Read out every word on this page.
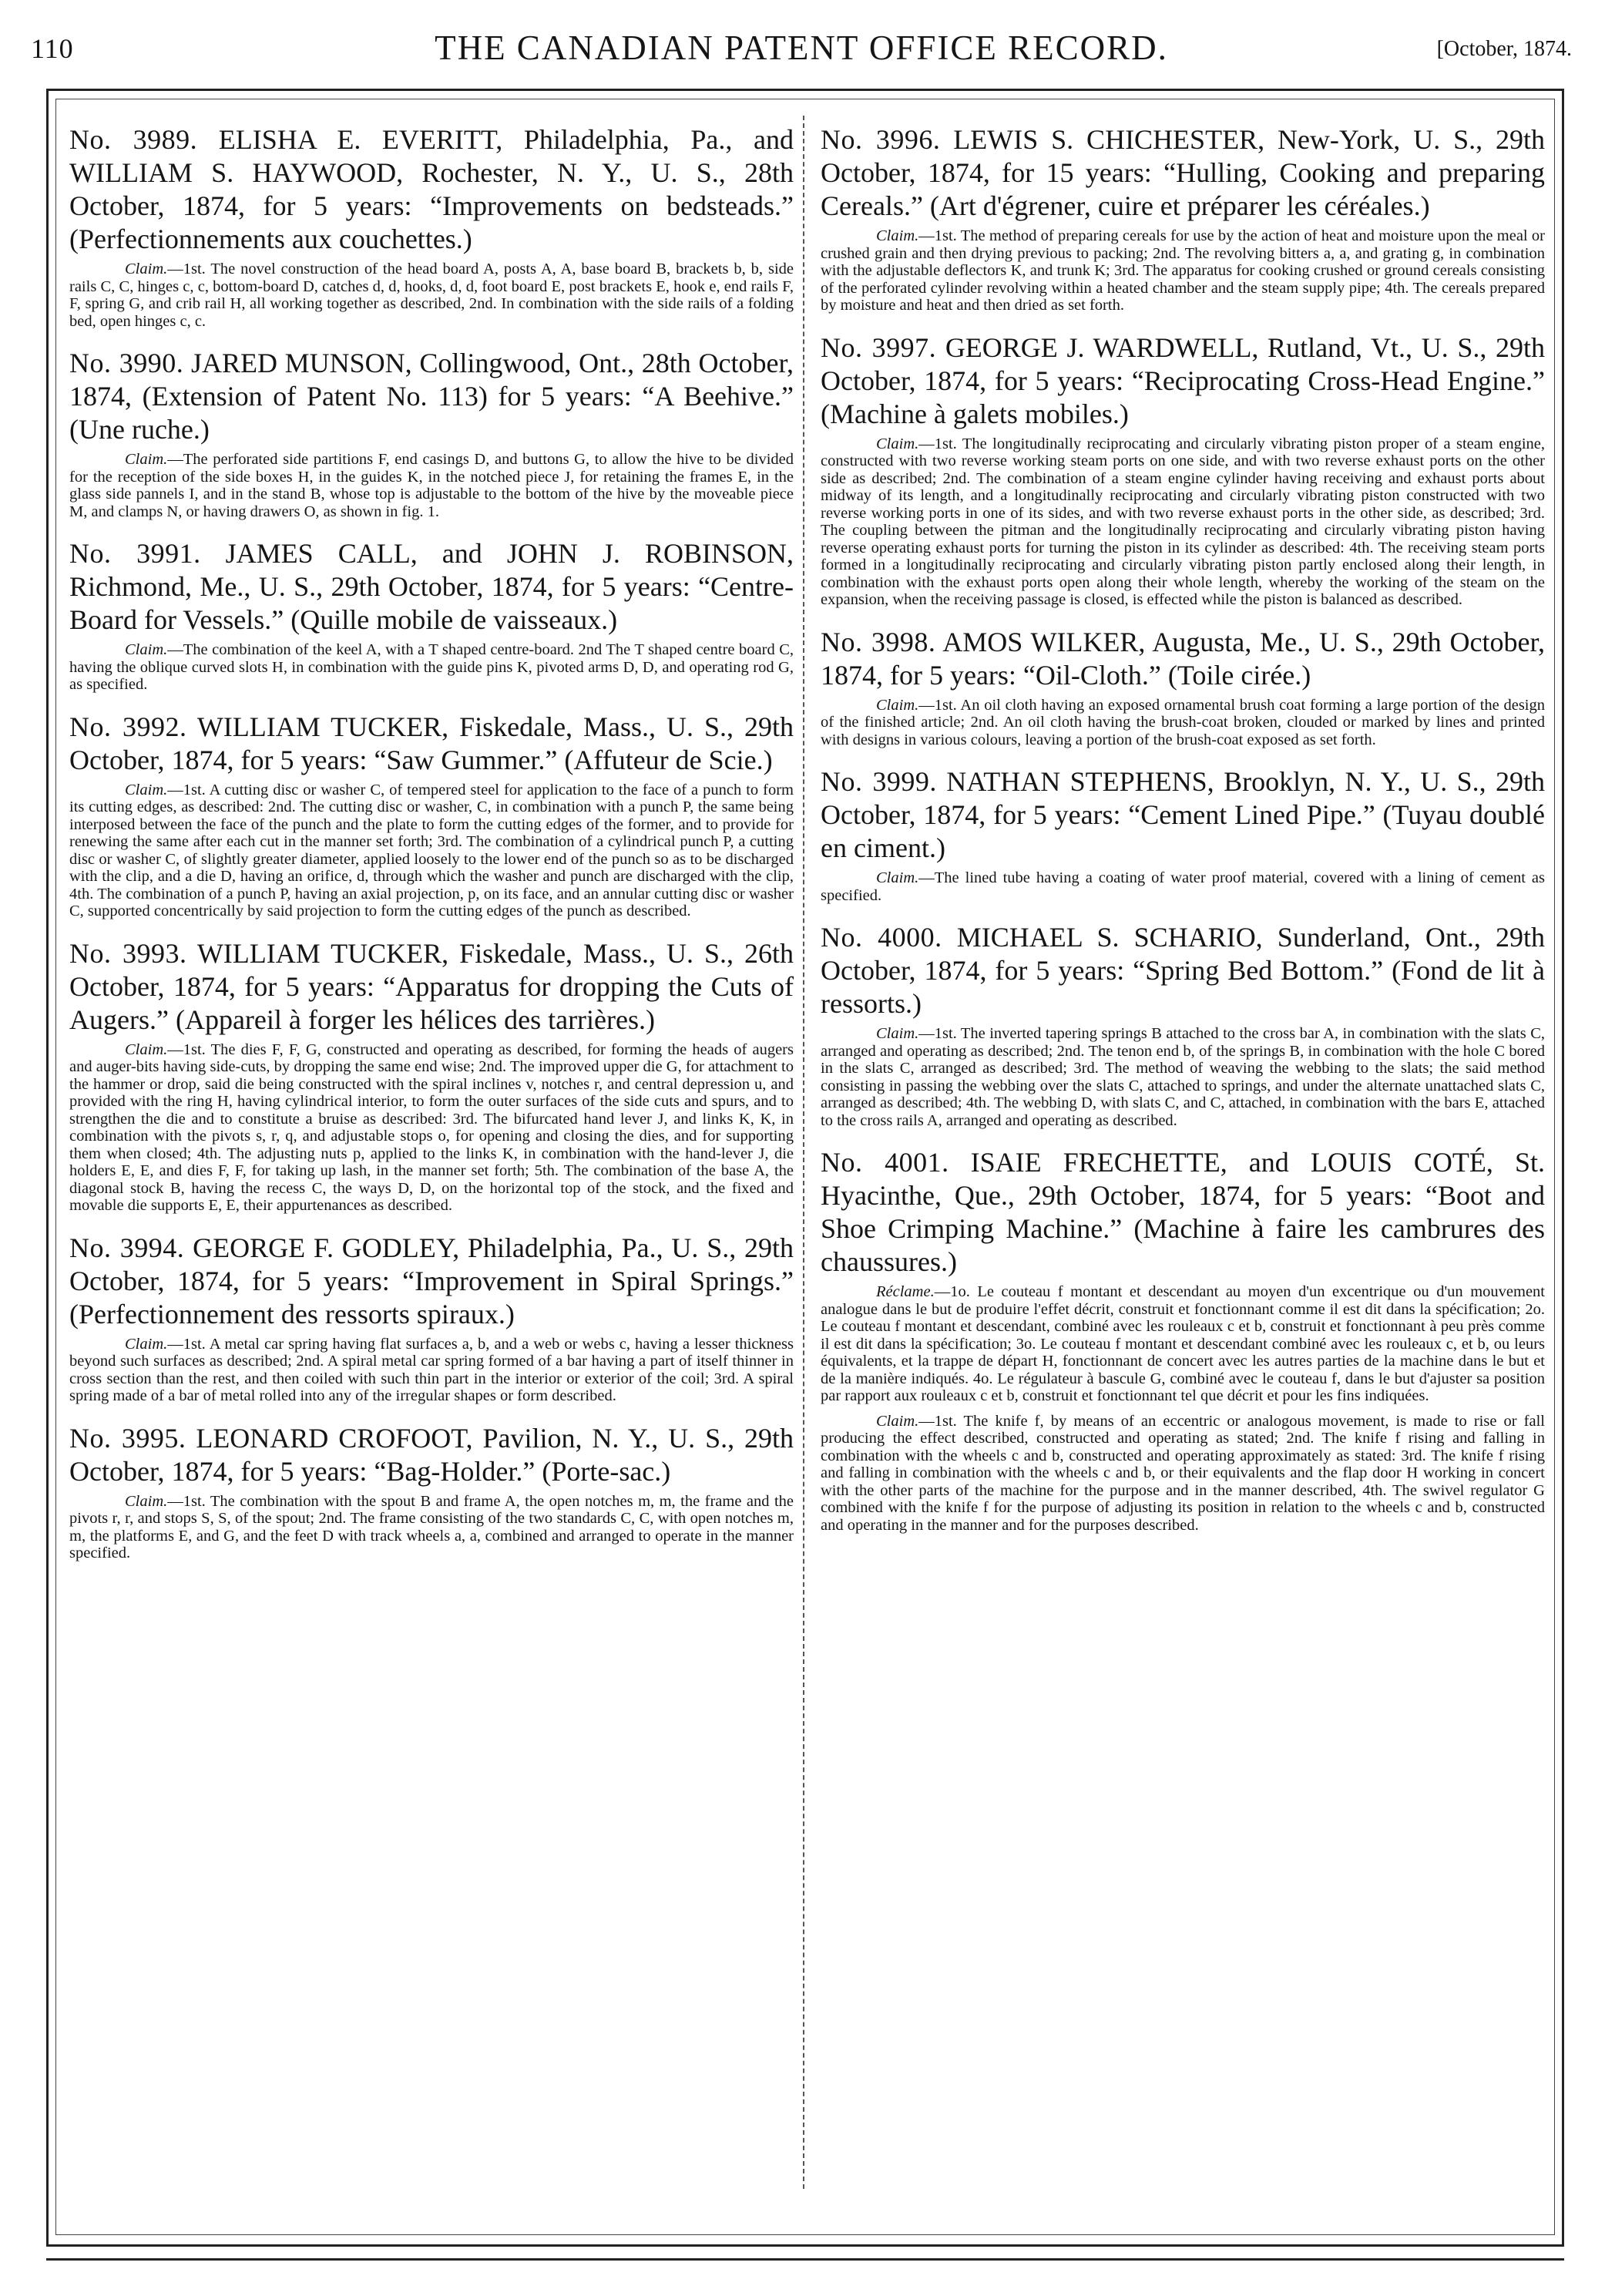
THE CANADIAN PATENT OFFICE RECORD.
110	[October, 1874.

No. 3989. ELISHA E. EVERITT, Philadelphia, Pa., and WILLIAM S. HAYWOOD, Rochester, N. Y., U. S., 28th October, 1874, for 5 years: “Improvements on bedsteads.” (Perfectionnements aux couchettes.)

Claim.—1st. The novel construction of the head board A, posts A, A, base board B, brackets b, b, side rails C, C, hinges c, c, bottom-board D, catches d, d, hooks, d, d, foot board E, post brackets E, hook e, end rails F, F, spring G, and crib rail H, all working together as described, 2nd. In combination with the side rails of a folding bed, open hinges c, c.

No. 3990. JARED MUNSON, Collingwood, Ont., 28th October, 1874, (Extension of Patent No. 113) for 5 years: “A Beehive.” (Une ruche.)

Claim.—The perforated side partitions F, end casings D, and buttons G, to allow the hive to be divided for the reception of the side boxes H, in the guides K, in the notched piece J, for retaining the frames E, in the glass side pannels I, and in the stand B, whose top is adjustable to the bottom of the hive by the moveable piece M, and clamps N, or having drawers O, as shown in fig. 1.

No. 3991. JAMES CALL, and JOHN J. ROBINSON, Richmond, Me., U. S., 29th October, 1874, for 5 years: “Centre-Board for Vessels.” (Quille mobile de vaisseaux.)

Claim.—The combination of the keel A, with a T shaped centre-board. 2nd The T shaped centre board C, having the oblique curved slots H, in combination with the guide pins K, pivoted arms D, D, and operating rod G, as specified.

No. 3992. WILLIAM TUCKER, Fiskedale, Mass., U. S., 29th October, 1874, for 5 years: “Saw Gummer.” (Affuteur de Scie.)

Claim.—1st. A cutting disc or washer C, of tempered steel for application to the face of a punch to form its cutting edges, as described: 2nd. The cutting disc or washer, C, in combination with a punch P, the same being interposed between the face of the punch and the plate to form the cutting edges of the former, and to provide for renewing the same after each cut in the manner set forth; 3rd. The combination of a cylindrical punch P, a cutting disc or washer C, of slightly greater diameter, applied loosely to the lower end of the punch so as to be discharged with the clip, and a die D, having an orifice, d, through which the washer and punch are discharged with the clip, 4th. The combination of a punch P, having an axial projection, p, on its face, and an annular cutting disc or washer C, supported concentrically by said projection to form the cutting edges of the punch as described.

No. 3993. WILLIAM TUCKER, Fiskedale, Mass., U. S., 26th October, 1874, for 5 years: “Apparatus for dropping the Cuts of Augers.” (Appareil à forger les hélices des tarrières.)

Claim.—1st. The dies F, F, G, constructed and operating as described, for forming the heads of augers and auger-bits having side-cuts, by dropping the same end wise; 2nd. The improved upper die G, for attachment to the hammer or drop, said die being constructed with the spiral inclines v, notches r, and central depression u, and provided with the ring H, having cylindrical interior, to form the outer surfaces of the side cuts and spurs, and to strengthen the die and to constitute a bruise as described: 3rd. The bifurcated hand lever J, and links K, K, in combination with the pivots s, r, q, and adjustable stops o, for opening and closing the dies, and for supporting them when closed; 4th. The adjusting nuts p, applied to the links K, in combination with the hand-lever J, die holders E, E, and dies F, F, for taking up lash, in the manner set forth; 5th. The combination of the base A, the diagonal stock B, having the recess C, the ways D, D, on the horizontal top of the stock, and the fixed and movable die supports E, E, their appurtenances as described.

No. 3994. GEORGE F. GODLEY, Philadelphia, Pa., U. S., 29th October, 1874, for 5 years: “Improvement in Spiral Springs.” (Perfectionnement des ressorts spiraux.)

Claim.—1st. A metal car spring having flat surfaces a, b, and a web or webs c, having a lesser thickness beyond such surfaces as described; 2nd. A spiral metal car spring formed of a bar having a part of itself thinner in cross section than the rest, and then coiled with such thin part in the interior or exterior of the coil; 3rd. A spiral spring made of a bar of metal rolled into any of the irregular shapes or form described.

No. 3995. LEONARD CROFOOT, Pavilion, N. Y., U. S., 29th October, 1874, for 5 years: “Bag-Holder.” (Porte-sac.)

Claim.—1st. The combination with the spout B and frame A, the open notches m, m, the frame and the pivots r, r, and stops S, S, of the spout; 2nd. The frame consisting of the two standards C, C, with open notches m, m, the platforms E, and G, and the feet D with track wheels a, a, combined and arranged to operate in the manner specified.

No. 3996. LEWIS S. CHICHESTER, New-York, U. S., 29th October, 1874, for 15 years: “Hulling, Cooking and preparing Cereals.” (Art d'égrener, cuire et préparer les céréales.)

Claim.—1st. The method of preparing cereals for use by the action of heat and moisture upon the meal or crushed grain and then drying previous to packing; 2nd. The revolving bitters a, a, and grating g, in combination with the adjustable deflectors K, and trunk K; 3rd. The apparatus for cooking crushed or ground cereals consisting of the perforated cylinder revolving within a heated chamber and the steam supply pipe; 4th. The cereals prepared by moisture and heat and then dried as set forth.

No. 3997. GEORGE J. WARDWELL, Rutland, Vt., U. S., 29th October, 1874, for 5 years: “Reciprocating Cross-Head Engine.” (Machine à galets mobiles.)

Claim.—1st. The longitudinally reciprocating and circularly vibrating piston proper of a steam engine, constructed with two reverse working steam ports on one side, and with two reverse exhaust ports on the other side as described; 2nd. The combination of a steam engine cylinder having receiving and exhaust ports about midway of its length, and a longitudinally reciprocating and circularly vibrating piston constructed with two reverse working ports in one of its sides, and with two reverse exhaust ports in the other side, as described; 3rd. The coupling between the pitman and the longitudinally reciprocating and circularly vibrating piston having reverse operating exhaust ports for turning the piston in its cylinder as described: 4th. The receiving steam ports formed in a longitudinally reciprocating and circularly vibrating piston partly enclosed along their length, in combination with the exhaust ports open along their whole length, whereby the working of the steam on the expansion, when the receiving passage is closed, is effected while the piston is balanced as described.

No. 3998. AMOS WILKER, Augusta, Me., U. S., 29th October, 1874, for 5 years: “Oil-Cloth.” (Toile cirée.)

Claim.—1st. An oil cloth having an exposed ornamental brush coat forming a large portion of the design of the finished article; 2nd. An oil cloth having the brush-coat broken, clouded or marked by lines and printed with designs in various colours, leaving a portion of the brush-coat exposed as set forth.

No. 3999. NATHAN STEPHENS, Brooklyn, N. Y., U. S., 29th October, 1874, for 5 years: “Cement Lined Pipe.” (Tuyau doublé en ciment.)

Claim.—The lined tube having a coating of water proof material, covered with a lining of cement as specified.

No. 4000. MICHAEL S. SCHARIO, Sunderland, Ont., 29th October, 1874, for 5 years: “Spring Bed Bottom.” (Fond de lit à ressorts.)

Claim.—1st. The inverted tapering springs B attached to the cross bar A, in combination with the slats C, arranged and operating as described; 2nd. The tenon end b, of the springs B, in combination with the hole C bored in the slats C, arranged as described; 3rd. The method of weaving the webbing to the slats; the said method consisting in passing the webbing over the slats C, attached to springs, and under the alternate unattached slats C, arranged as described; 4th. The webbing D, with slats C, and C, attached, in combination with the bars E, attached to the cross rails A, arranged and operating as described.

No. 4001. ISAIE FRECHETTE, and LOUIS COTÉ, St. Hyacinthe, Que., 29th October, 1874, for 5 years: “Boot and Shoe Crimping Machine.” (Machine à faire les cambrures des chaussures.)

Réclame.—1o. Le couteau f montant et descendant au moyen d'un excentrique ou d'un mouvement analogue dans le but de produire l'effet décrit, construit et fonctionnant comme il est dit dans la spécification; 2o. Le couteau f montant et descendant, combiné avec les rouleaux c et b, construit et fonctionnant à peu près comme il est dit dans la spécification; 3o. Le couteau f montant et descendant combiné avec les rouleaux c, et b, ou leurs équivalents, et la trappe de départ H, fonctionnant de concert avec les autres parties de la machine dans le but et de la manière indiqués. 4o. Le régulateur à bascule G, combiné avec le couteau f, dans le but d'ajuster sa position par rapport aux rouleaux c et b, construit et fonctionnant tel que décrit et pour les fins indiquées.

Claim.—1st. The knife f, by means of an eccentric or analogous movement, is made to rise or fall producing the effect described, constructed and operating as stated; 2nd. The knife f rising and falling in combination with the wheels c and b, constructed and operating approximately as stated: 3rd. The knife f rising and falling in combination with the wheels c and b, or their equivalents and the flap door H working in concert with the other parts of the machine for the purpose and in the manner described, 4th. The swivel regulator G combined with the knife f for the purpose of adjusting its position in relation to the wheels c and b, constructed and operating in the manner and for the purposes described.
